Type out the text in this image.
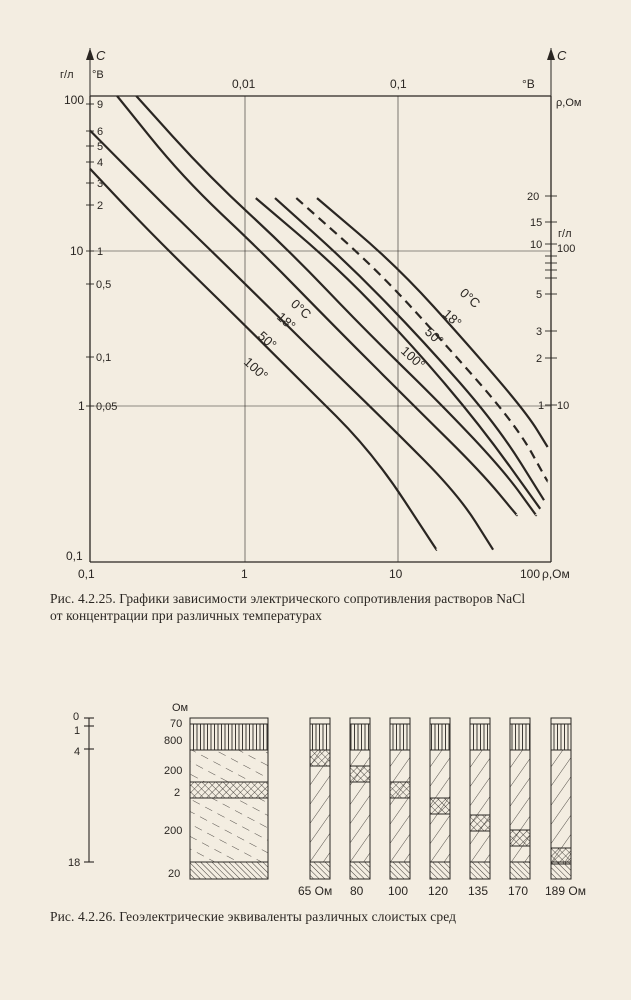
C
г/л °B
C
ρ,Ом
г/л
100
10
1
0,1
9
6
5
4
3
2
1
0,5
0,1
0,05
0,01	0,1	°B
0,1	1	10	100 ρ,Ом
20
15
10
5
3
2
1
100
10
0°C
18°
50°
100°
0°C
18°
50°
100°
0
1
4
18
Ом
70
800
200
2
200
20
65 Ом 80 100 120 135 170 189 Ом
Рис. 4.2.25. Графики зависимости электрического сопротивления растворов NaCl
от концентрации при различных температурах
Рис. 4.2.26. Геоэлектрические эквиваленты различных слоистых сред
